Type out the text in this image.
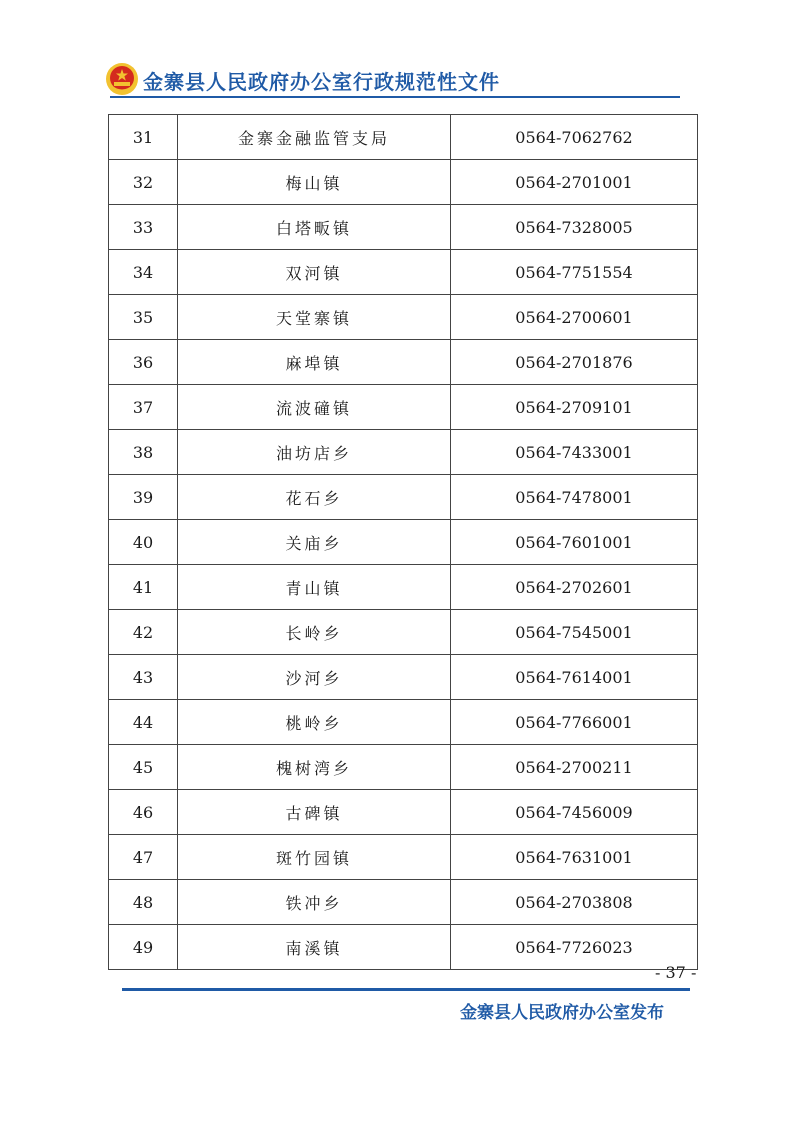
金寨县人民政府办公室行政规范性文件
31	金寨金融监管支局	0564-7062762
32	梅山镇	0564-2701001
33	白塔畈镇	0564-7328005
34	双河镇	0564-7751554
35	天堂寨镇	0564-2700601
36	麻埠镇	0564-2701876
37	流波䃥镇	0564-2709101
38	油坊店乡	0564-7433001
39	花石乡	0564-7478001
40	关庙乡	0564-7601001
41	青山镇	0564-2702601
42	长岭乡	0564-7545001
43	沙河乡	0564-7614001
44	桃岭乡	0564-7766001
45	槐树湾乡	0564-2700211
46	古碑镇	0564-7456009
47	斑竹园镇	0564-7631001
48	铁冲乡	0564-2703808
49	南溪镇	0564-7726023
- 37 -
金寨县人民政府办公室发布
